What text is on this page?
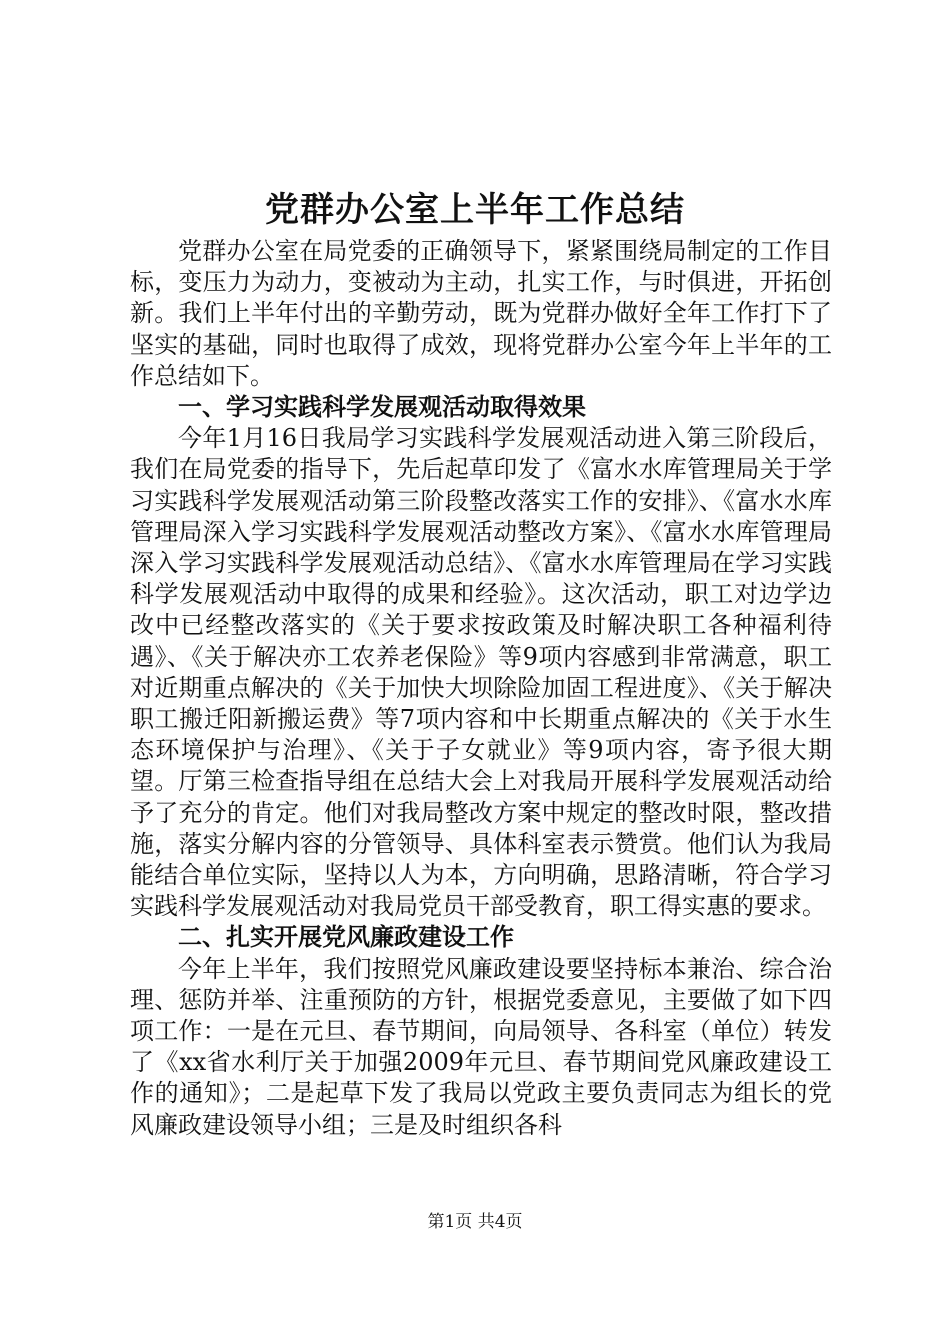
党群办公室上半年工作总结

党群办公室在局党委的正确领导下，紧紧围绕局制定的工作目标，变压力为动力，变被动为主动，扎实工作，与时俱进，开拓创新。我们上半年付出的辛勤劳动，既为党群办做好全年工作打下了坚实的基础，同时也取得了成效，现将党群办公室今年上半年的工作总结如下。

一、学习实践科学发展观活动取得效果

今年1月16日我局学习实践科学发展观活动进入第三阶段后，我们在局党委的指导下，先后起草印发了《富水水库管理局关于学习实践科学发展观活动第三阶段整改落实工作的安排》、《富水水库管理局深入学习实践科学发展观活动整改方案》、《富水水库管理局深入学习实践科学发展观活动总结》、《富水水库管理局在学习实践科学发展观活动中取得的成果和经验》。这次活动，职工对边学边改中已经整改落实的《关于要求按政策及时解决职工各种福利待遇》、《关于解决亦工农养老保险》等9项内容感到非常满意，职工对近期重点解决的《关于加快大坝除险加固工程进度》、《关于解决职工搬迁阳新搬运费》等7项内容和中长期重点解决的《关于水生态环境保护与治理》、《关于子女就业》等9项内容，寄予很大期望。厅第三检查指导组在总结大会上对我局开展科学发展观活动给予了充分的肯定。他们对我局整改方案中规定的整改时限，整改措施，落实分解内容的分管领导、具体科室表示赞赏。他们认为我局能结合单位实际，坚持以人为本，方向明确，思路清晰，符合学习实践科学发展观活动对我局党员干部受教育，职工得实惠的要求。

二、扎实开展党风廉政建设工作

今年上半年，我们按照党风廉政建设要坚持标本兼治、综合治理、惩防并举、注重预防的方针，根据党委意见，主要做了如下四项工作：一是在元旦、春节期间，向局领导、各科室（单位）转发了《xx省水利厅关于加强2009年元旦、春节期间党风廉政建设工作的通知》；二是起草下发了我局以党政主要负责同志为组长的党风廉政建设领导小组；三是及时组织各科

第1页 共4页
